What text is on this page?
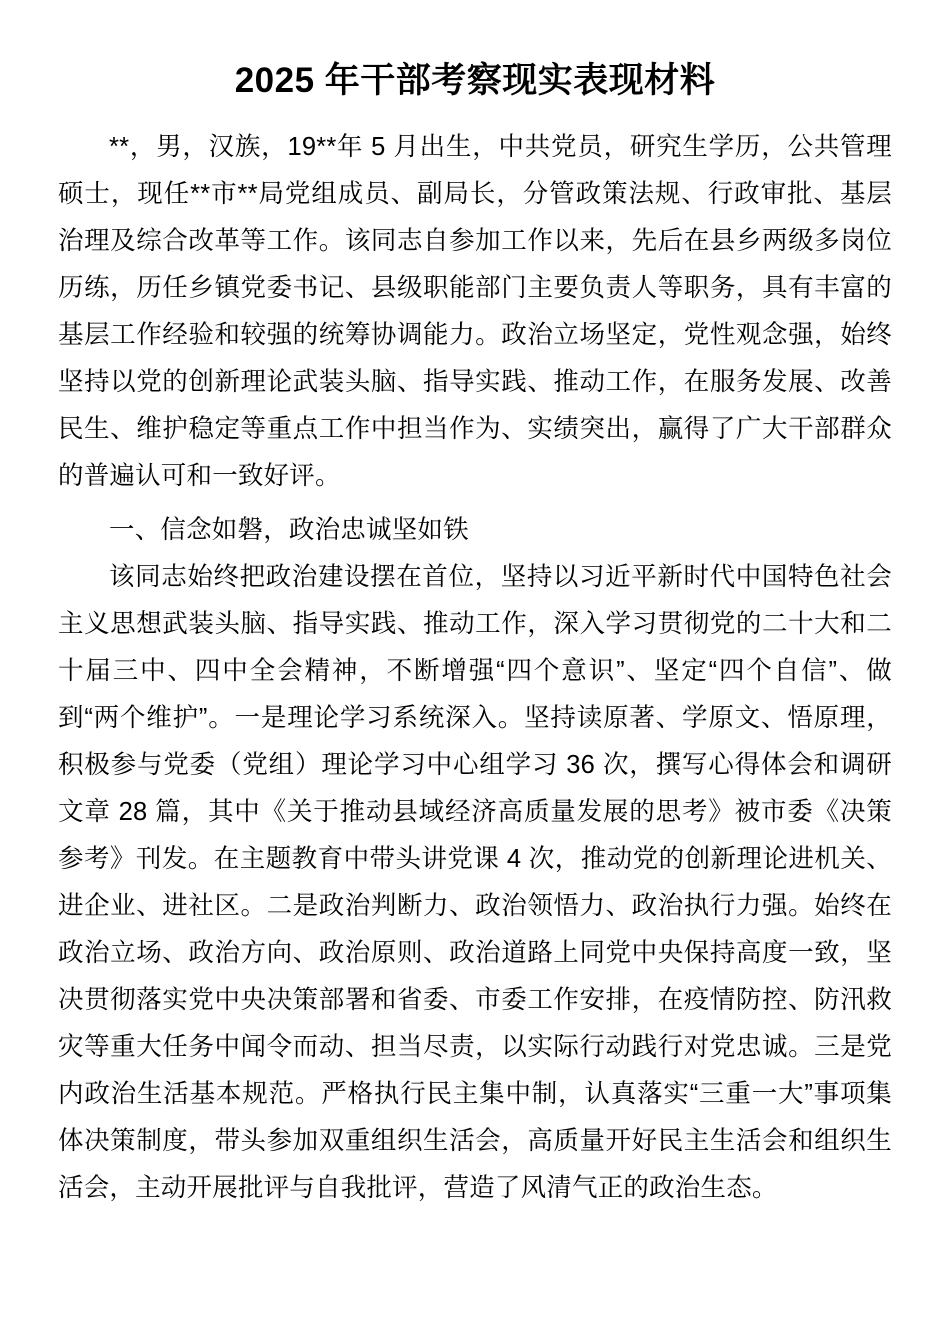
2025 年干部考察现实表现材料

**，男，汉族，19**年 5 月出生，中共党员，研究生学历，公共管理硕士，现任**市**局党组成员、副局长，分管政策法规、行政审批、基层治理及综合改革等工作。该同志自参加工作以来，先后在县乡两级多岗位历练，历任乡镇党委书记、县级职能部门主要负责人等职务，具有丰富的基层工作经验和较强的统筹协调能力。政治立场坚定，党性观念强，始终坚持以党的创新理论武装头脑、指导实践、推动工作，在服务发展、改善民生、维护稳定等重点工作中担当作为、实绩突出，赢得了广大干部群众的普遍认可和一致好评。

一、信念如磐，政治忠诚坚如铁

该同志始终把政治建设摆在首位，坚持以习近平新时代中国特色社会主义思想武装头脑、指导实践、推动工作，深入学习贯彻党的二十大和二十届三中、四中全会精神，不断增强“四个意识”、坚定“四个自信”、做到“两个维护”。一是理论学习系统深入。坚持读原著、学原文、悟原理，积极参与党委（党组）理论学习中心组学习 36 次，撰写心得体会和调研文章 28 篇，其中《关于推动县域经济高质量发展的思考》被市委《决策参考》刊发。在主题教育中带头讲党课 4 次，推动党的创新理论进机关、进企业、进社区。二是政治判断力、政治领悟力、政治执行力强。始终在政治立场、政治方向、政治原则、政治道路上同党中央保持高度一致，坚决贯彻落实党中央决策部署和省委、市委工作安排，在疫情防控、防汛救灾等重大任务中闻令而动、担当尽责，以实际行动践行对党忠诚。三是党内政治生活基本规范。严格执行民主集中制，认真落实“三重一大”事项集体决策制度，带头参加双重组织生活会，高质量开好民主生活会和组织生活会，主动开展批评与自我批评，营造了风清气正的政治生态。
